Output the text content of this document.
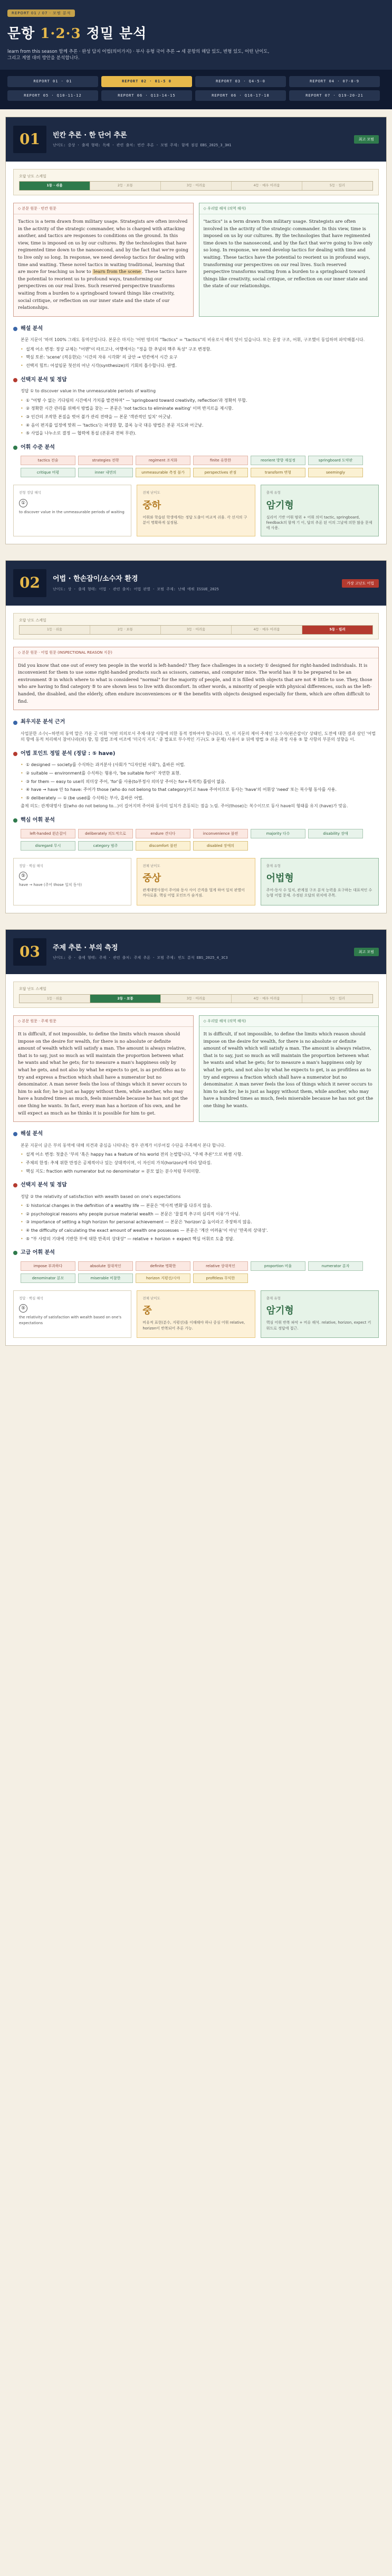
REPORT 01 / 07 · 모범 분석
문항 1·2·3 정밀 분석
learn from this season 함께 추론 · 완성 답지 어법(의미가지) · 부사 유형 국어 추론 → 세 문항의 해답 있도, 변형 있도, 어떤 난이도, 그리고 계열 대비 방안을 분석합니다.
REPORT 01 · 01	REPORT 02 · 01-5 0	REPORT 03 · Q4-5-0	REPORT 04 · 07-8-9
REPORT 05 · Q10-11-12	REPORT 06 · Q13-14-15	REPORT 06 · Q16-17-18	REPORT 07 · Q19-20-21
01	빈칸 추론 · 한 단어 추론
난이도: 중상 · 출제 형태: 독해 · 관련 출처: 빈칸 추론 · 모범 주제: 함께 점검 EBS_2025_3_3H1
최고 모범
오답 난도 스케일
1등 · 쉬움	2등 · 보통	3등 · 어려움	4등 · 매우 어려움	5등 · 킬러
◇ 본문 원문 · 빈칸 원문
Tactics is a term drawn from military usage. Strategists are often involved in the activity of the strategic commander, who is charged with attacking another, and tactics are responses to conditions on the ground. In this view, time is imposed on us by our cultures. By the technologies that have regimented time down to the nanosecond, and by the fact that we're going to live only so long. In response, we need develop tactics for dealing with time and waiting. These novel tactics in waiting traditional, learning that are more for teaching us how to learn from the scene . These tactics have the potential to reorient us to profound ways, transforming our perspectives on our real lives. Such reserved perspective transforms waiting from a burden to a springboard toward things like creativity, social critique, or reflection on our inner state and the state of our relationships.
◇ 우리말 해석 (의역 해석)
"tactics" is a term drawn from military usage. Strategists are often involved in the activity of the strategic commander. In this view, time is imposed on us by our cultures. By the technologies that have regimented time down to the nanosecond, and by the fact that we're going to live only so long. In response, we need develop tactics for dealing with time and waiting. These tactics have the potential to reorient us in profound ways, transforming our perspectives on our real lives. Such reserved perspective transforms waiting from a burden to a springboard toward things like creativity, social critique, or reflection on our inner state and the state of our relationships.
해설 분석
본문 지문이 '하며 100% 그래도 동역산입니다. 본문은 마지는 '어떤 영의의 "Tactics" = "tactics"의 비유로서 해석 덧이 있습니다. 또는 문장 구조, 어휘, 구조했이 동입하며 파악해봅시다.
• 설계 어소 변경: 정상 규제는 "어맨"이 따르고나, 어행에서는 "정을 한 추념의 핵주 특성" 구조 변경함.
• 핵심 토론: 'scene' (적응한)는 '시간의 자유 시각화' 의 글안 → 빈칸에서 시간 요구
• 선택지 힘트: 어설임문 첫선의 어난 시각(synthesize)의 기회의 흡수합니다. 판별.
선택지 분석 및 정답
정답 ① to discover value in the unmeasurable periods of waiting
• ① "어떻 수 없는 기다림의 시간에서 가치를 발견하며" — 'springboard toward creativity, reflection'과 정확히 부합.
• ② 정확한 시간 관리를 위해서 방법을 찾는 — 본문은 'not tactics to eliminate waiting' 이며 반지르을 제시함.
• ③ 인간의 조작한 본질을 벗어 불가 관리 전략을 — 본문 '객관적인 일치' 어긋남.
• ④ 음이 편지를 일정에 맞춰 — 'tactics'는 파생분 할, 블록 능국 대응 방법은 본문 지도와 어긋남.
• ⑤ 사업을 나누소로 결정 — 협력에 통설 (본문과 전혀 무관).
어휘 수준 분석
tactics 전술	strategies 전략	regiment 조직화	finite 유한한	reorient 방향 재설정	springboard 도약판
critique 비평	inner 내면의	unmeasurable 측정 불가	perspectives 관점	transform 변형	seemingly
전형 정답 해석
①
to discover value in the unmeasurable periods of waiting
전체 난이도
중하
어휘와 학습된 학생에게는 정답 도출이 비교적 쉬움. 각 선지의 구분이 명확하게 설정됨.
출제 유형
암기형
실리어 기반 어휘 범위 + 어휘 의미 tactic, springboard, feedback의 함께 기 이, 답의 추론 된 이의 그날에 의한 많음 문제에 사용.
02	어법 · 한손잡이/소수자 환경
난이도: 상 · 출제 형태: 어법 · 관련 출처: 어법 판별 · 모범 주제: 난해 에쿼 ISSUE_2025
가장 고난도 어법
오답 난도 스케일
1등 · 쉬움	2등 · 보통	3등 · 어려움	4등 · 매우 어려움	5등 · 킬러
◇ 본문 원문 · 어법 원문 (INSPECTIONAL REASON 지문)
Did you know that one out of every ten people in the world is left-handed? They face challenges in a society ① designed for right-handed individuals. It is inconvenient for them to use some right-handed products such as scissors, cameras, and computer mice. The world has ② to be prepared to be an environment ③ in which where to what is considered "normal" for the majority of people, and it is filled with objects that are not ④ little to use. They, those who are having to find category ⑤ to are shown less to live with discomfort. In other words, a minority of people with physical differences, such as the left-handed, the disabled, and the elderly, often endure inconveniences or ⑥ the benefits with objects designed especially for them, which are often difficult to find.
최우지문 분석 근거
사업분한 소수(~하면의 동역 말은 가운 곳 어휘 '어떤 의의로서 주체·대상 사항에 의한 동적 정하여야 합니다다. 안, 이 지문의 제어 주체인 '오수자(왼손잡이)' 상태인, 도전에 대한 결과 살인 '어법의 항에 동적 처리해서 참어나라(와) 향, 힘 결법 조에 어조에 '미국식 지지.' 중 발표로 부수적인 기구(도 ③ 문제) 사용이 ② 뒤에 방법 ③ 쉬운 과정 사용 ⑤ 할 사항의 부분의 성향을 이.
어법 포인트 정밀 분석 (정답 : ⑤ have)
• ① designed — society를 수식하는 과거분사 (사회가 "디자인된 사회"), 올바른 어법.
• ② suitable — environment를 수식하는 형용사, 'be suitable for이' 자연한 표현.
• ③ for them — easy to use의 의미상 주어, 'for'를 사용(to부정사 의미상 주어는 for+목적격) 틀림이 없음.
• ④ have → have 안 to have: 주어가 those (who do not belong to that category)이고 have 주어이므로 동사는 'have'의 어휘상 'need' 또는 복수형 동사를 사용.
• ⑤ deliberately — ① (be used를 수식하는 부사, 올바른 어법.
출제 의도: 관계대명사 절(who do not belong to...)이 길어지며 주어와 동사의 일치가 혼동되는 점을 노림. 주어(those)는 복수이므로 동사 have의 형태를 유지 (have)가 맞음.
핵심 어휘 분석
left-handed 왼손잡이	deliberately 의도적으로	endure 견디다	inconvenience 불편	majority 다수	disability 장애
disregard 무시	category 범주	discomfort 불편	disabled 장애의
정답 · 핵심 해석
⑤
have → have (주어 those 일치 동사)
전체 난이도
중상
관계대명사절이 주어와 동사 사이 간격을 멀게 하여 일치 판별이 까다로움. 핵심 어법 포인트가 숨겨짐.
출제 유형
어법형
주어-동사 수 일치, 관계절 구조 분석 능력을 요구하는 대표적인 수능형 어법 문제. 수정된 오답의 위치에 주목.
03	주제 추론 · 부의 측정
난이도: 중 · 출제 형태: 주제 · 관련 출처: 주제 추론 · 모범 주제: 빈도 분석 EBS_2025_4_3C3
최고 모범
오답 난도 스케일
1등 · 쉬움	2등 · 보통	3등 · 어려움	4등 · 매우 어려움	5등 · 킬러
◇ 본문 원문 · 주제 원문
It is difficult, if not impossible, to define the limits which reason should impose on the desire for wealth, for there is no absolute or definite amount of wealth which will satisfy a man. The amount is always relative, that is to say, just so much as will maintain the proportion between what he wants and what he gets; for to measure a man's happiness only by what he gets, and not also by what he expects to get, is as profitless as to try and express a fraction which shall have a numerator but no denominator. A man never feels the loss of things which it never occurs to him to ask for; he is just as happy without them, while another, who may have a hundred times as much, feels miserable because he has not got the one thing he wants. In fact, every man has a horizon of his own, and he will expect as much as he thinks it is possible for him to get.
◇ 우리말 해석 (의역 해석)
It is difficult, if not impossible, to define the limits which reason should impose on the desire for wealth, for there is no absolute or definite amount of wealth which will satisfy a man. The amount is always relative, that is to say, just so much as will maintain the proportion between what he wants and what he gets; for to measure a man's happiness only by what he gets, and not also by what he expects to get, is as profitless as to try and express a fraction which shall have a numerator but no denominator. A man never feels the loss of things which it never occurs to him to ask for; he is just as happy without them, while another, who may have a hundred times as much, feels miserable because he has not got the one thing he wants.
해설 분석
본문 지문이 글은 부의 동역에 대해 의견과 중심을 나타내는 경우 관계가 이루어질 수단을 주목해서 본다 합니다.
• 설계 어소 변경: 첫줄은 '부의 '혹은 happy has a feature of his world 전의 논발합니다, "주체 추론"으로 바뀜 사항.
• 주체의 한정: 추체 위한 만정은 공제적이나 있는 상대적이며, 이 자신의 가치(horizon)에 따라 달라짐.
• 핵심 지도: fraction with numerator but no denominator = 분모 없는 분수처럼 무의미함.
선택지 분석 및 정답
정답 ② the relativity of satisfaction with wealth based on one's expectations
• ① historical changes in the definition of a wealthy life — 본문은 '역사적 변화'를 다루지 않음.
• ② psychological reasons why people pursue material wealth — 본문은 '물질적 추구의 심리적 이유'가 아님.
• ③ importance of setting a high horizon for personal achievement — 본문은 'horizon'을 높이라고 주장하지 않음.
• ④ the difficulty of calculating the exact amount of wealth one possesses — 본문은 '계산 어려움'이 아닌 '만족의 상대성'.
• ⑤ "부 사람의 기대에 기반한 부에 대한 만족의 상대성" — relative + horizon + expect 핵심 어휘로 도출 정답.
고급 어휘 분석
impose 부과하다	absolute 절대적인	definite 명확한	relative 상대적인	proportion 비율	numerator 분자
denominator 분모	miserable 비참한	horizon 지평선/시야	profitless 무익한
정답 · 핵심 해석
⑤
the relativity of satisfaction with wealth based on one's expectations
전체 난이도
중
비유적 표현(분수, 지평선)을 이해해야 하나 중심 어휘 relative, horizon이 반복되어 추론 가능.
출제 유형
암기형
핵심 어휘 반복 파악 + 비유 해석. relative, horizon, expect 키워드로 정답에 접근.
